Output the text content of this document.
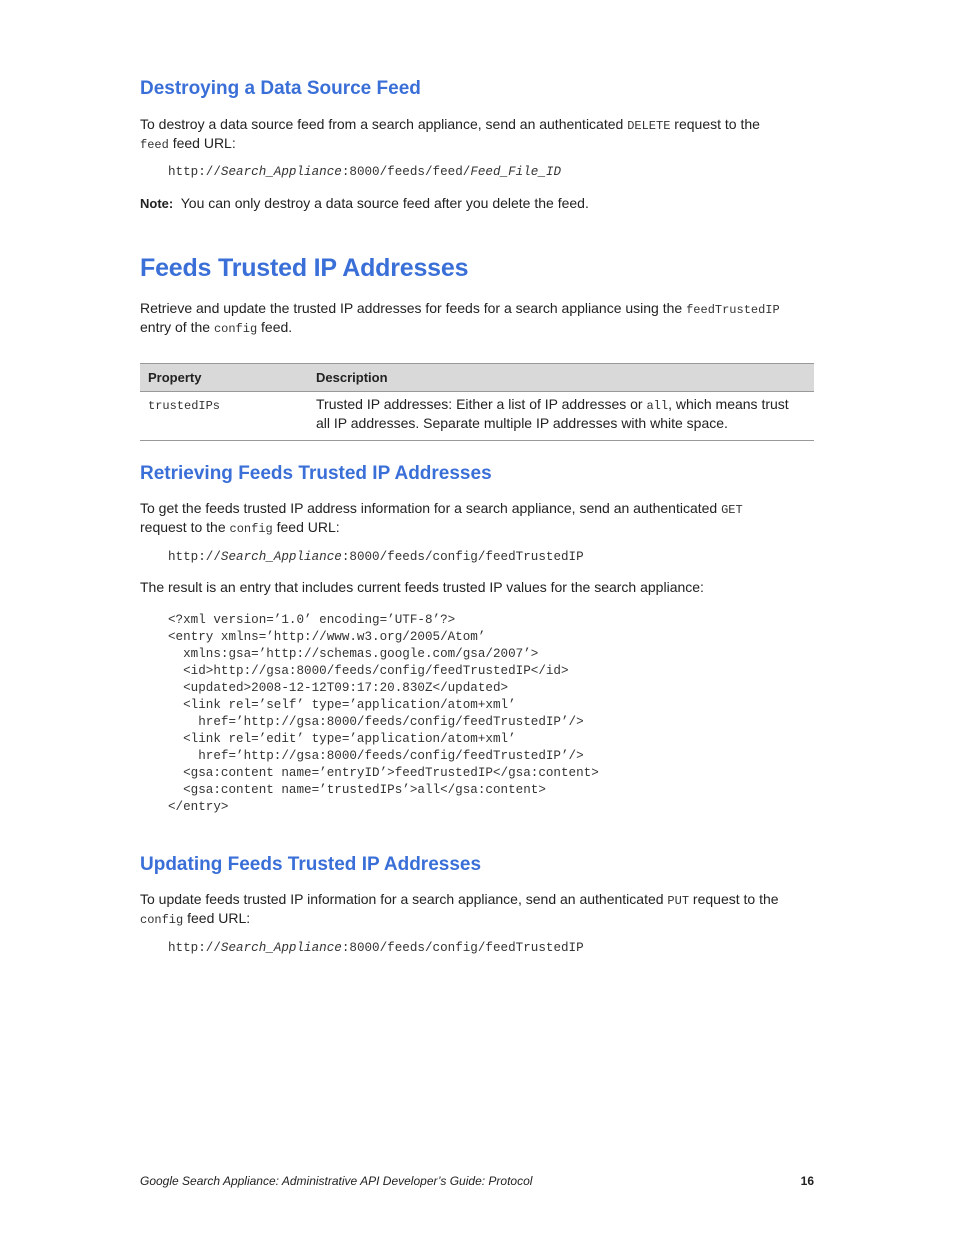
Destroying a Data Source Feed

To destroy a data source feed from a search appliance, send an authenticated DELETE request to the
feed feed URL:

http://Search_Appliance:8000/feeds/feed/Feed_File_ID

Note: You can only destroy a data source feed after you delete the feed.

Feeds Trusted IP Addresses

Retrieve and update the trusted IP addresses for feeds for a search appliance using the feedTrustedIP
entry of the config feed.

Property	Description
trustedIPs	Trusted IP addresses: Either a list of IP addresses or all, which means trust all IP addresses. Separate multiple IP addresses with white space.
Retrieving Feeds Trusted IP Addresses

To get the feeds trusted IP address information for a search appliance, send an authenticated GET
request to the config feed URL:

http://Search_Appliance:8000/feeds/config/feedTrustedIP

The result is an entry that includes current feeds trusted IP values for the search appliance:

<?xml version=’1.0’ encoding=’UTF-8’?>
<entry xmlns=’http://www.w3.org/2005/Atom’
xmlns:gsa=’http://schemas.google.com/gsa/2007’>
<id>http://gsa:8000/feeds/config/feedTrustedIP</id>
<updated>2008-12-12T09:17:20.830Z</updated>
<link rel=’self’ type=’application/atom+xml’
href=’http://gsa:8000/feeds/config/feedTrustedIP’/>
<link rel=’edit’ type=’application/atom+xml’
href=’http://gsa:8000/feeds/config/feedTrustedIP’/>
<gsa:content name=’entryID’>feedTrustedIP</gsa:content>
<gsa:content name=’trustedIPs’>all</gsa:content>
</entry>
Updating Feeds Trusted IP Addresses

To update feeds trusted IP information for a search appliance, send an authenticated PUT request to the
config feed URL:

http://Search_Appliance:8000/feeds/config/feedTrustedIP
Google Search Appliance: Administrative API Developer’s Guide: Protocol	16
